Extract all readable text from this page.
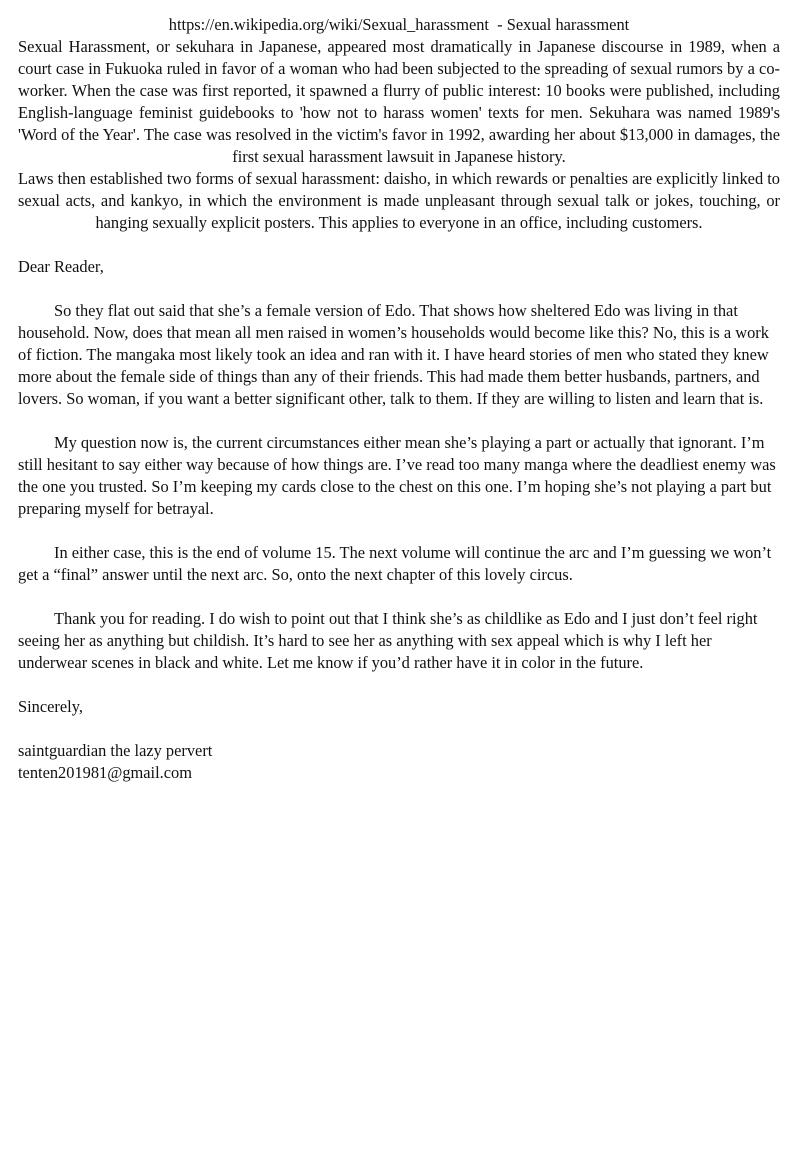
https://en.wikipedia.org/wiki/Sexual_harassment  - Sexual harassment

Sexual Harassment, or sekuhara in Japanese, appeared most dramatically in Japanese discourse in 1989, when a court case in Fukuoka ruled in favor of a woman who had been subjected to the spreading of sexual rumors by a co-worker. When the case was first reported, it spawned a flurry of public interest: 10 books were published, including English-language feminist guidebooks to 'how not to harass women' texts for men. Sekuhara was named 1989's 'Word of the Year'. The case was resolved in the victim's favor in 1992, awarding her about $13,000 in damages, the first sexual harassment lawsuit in Japanese history.

Laws then established two forms of sexual harassment: daisho, in which rewards or penalties are explicitly linked to sexual acts, and kankyo, in which the environment is made unpleasant through sexual talk or jokes, touching, or hanging sexually explicit posters. This applies to everyone in an office, including customers.

Dear Reader,

So they flat out said that she’s a female version of Edo. That shows how sheltered Edo was living in that household. Now, does that mean all men raised in women’s households would become like this? No, this is a work of fiction. The mangaka most likely took an idea and ran with it. I have heard stories of men who stated they knew more about the female side of things than any of their friends. This had made them better husbands, partners, and lovers. So woman, if you want a better significant other, talk to them. If they are willing to listen and learn that is.

My question now is, the current circumstances either mean she’s playing a part or actually that ignorant. I’m still hesitant to say either way because of how things are. I’ve read too many manga where the deadliest enemy was the one you trusted. So I’m keeping my cards close to the chest on this one. I’m hoping she’s not playing a part but preparing myself for betrayal.

In either case, this is the end of volume 15. The next volume will continue the arc and I’m guessing we won’t get a “final” answer until the next arc. So, onto the next chapter of this lovely circus.

Thank you for reading. I do wish to point out that I think she’s as childlike as Edo and I just don’t feel right seeing her as anything but childish. It’s hard to see her as anything with sex appeal which is why I left her underwear scenes in black and white. Let me know if you’d rather have it in color in the future.

Sincerely,

saintguardian the lazy pervert

tenten201981@gmail.com
